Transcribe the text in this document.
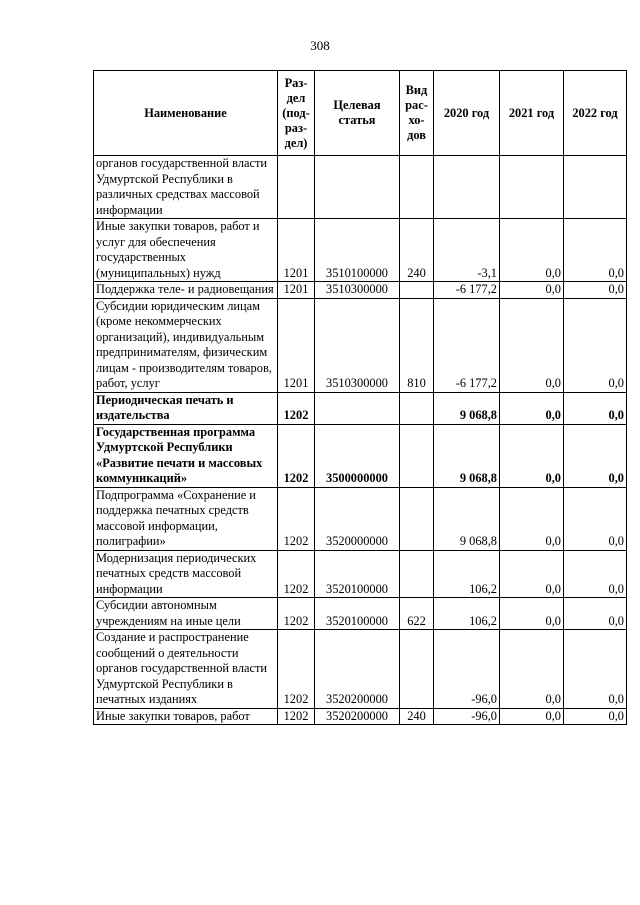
308
Наименование	Раз-дел (под-раз-дел)	Целевая статья	Вид рас-хо-дов	2020 год	2021 год	2022 год
органов государственной власти Удмуртской Республики в различных средствах массовой информации						
Иные закупки товаров, работ и услуг для обеспечения государственных (муниципальных) нужд	1201	3510100000	240	-3,1	0,0	0,0
Поддержка теле- и радиовещания	1201	3510300000		-6 177,2	0,0	0,0
Субсидии юридическим лицам (кроме некоммерческих организаций), индивидуальным предпринимателям, физическим лицам - производителям товаров, работ, услуг	1201	3510300000	810	-6 177,2	0,0	0,0
Периодическая печать и издательства	1202			9 068,8	0,0	0,0
Государственная программа Удмуртской Республики «Развитие печати и массовых коммуникаций»	1202	3500000000		9 068,8	0,0	0,0
Подпрограмма «Сохранение и поддержка печатных средств массовой информации, полиграфии»	1202	3520000000		9 068,8	0,0	0,0
Модернизация периодических печатных средств массовой информации	1202	3520100000		106,2	0,0	0,0
Субсидии автономным учреждениям на иные цели	1202	3520100000	622	106,2	0,0	0,0
Создание и распространение сообщений о деятельности органов государственной власти Удмуртской Республики в печатных изданиях	1202	3520200000		-96,0	0,0	0,0
Иные закупки товаров, работ	1202	3520200000	240	-96,0	0,0	0,0
